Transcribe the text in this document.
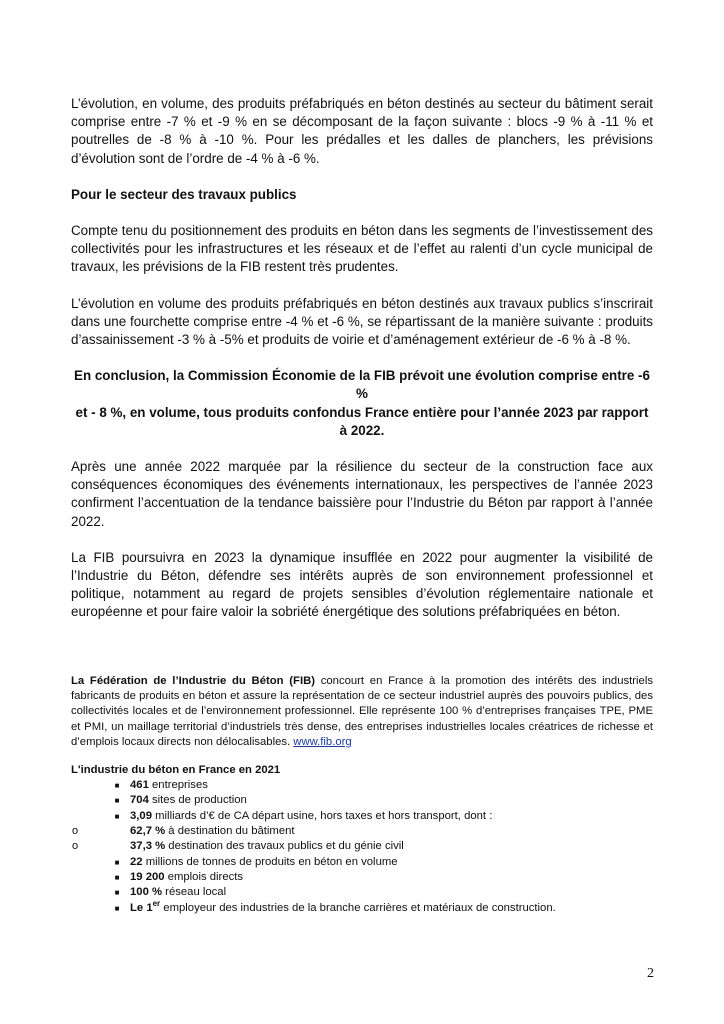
L’évolution, en volume, des produits préfabriqués en béton destinés au secteur du bâtiment serait comprise entre -7 % et -9 % en se décomposant de la façon suivante : blocs -9 % à -11 % et poutrelles de -8 % à -10 %. Pour les prédalles et les dalles de planchers, les prévisions d’évolution sont de l’ordre de -4 % à -6 %.

Pour le secteur des travaux publics

Compte tenu du positionnement des produits en béton dans les segments de l’investissement des collectivités pour les infrastructures et les réseaux et de l’effet au ralenti d’un cycle municipal de travaux, les prévisions de la FIB restent très prudentes.

L’évolution en volume des produits préfabriqués en béton destinés aux travaux publics s’inscrirait dans une fourchette comprise entre -4 % et -6 %, se répartissant de la manière suivante : produits d’assainissement -3 % à -5% et produits de voirie et d’aménagement extérieur de -6 % à -8 %.

En conclusion, la Commission Économie de la FIB prévoit une évolution comprise entre -6 %
et - 8 %, en volume, tous produits confondus France entière pour l’année 2023 par rapport à 2022.

Après une année 2022 marquée par la résilience du secteur de la construction face aux conséquences économiques des événements internationaux, les perspectives de l’année 2023 confirment l’accentuation de la tendance baissière pour l’Industrie du Béton par rapport à l’année 2022.

La FIB poursuivra en 2023 la dynamique insufflée en 2022 pour augmenter la visibilité de l’Industrie du Béton, défendre ses intérêts auprès de son environnement professionnel et politique, notamment au regard de projets sensibles d’évolution réglementaire nationale et européenne et pour faire valoir la sobriété énergétique des solutions préfabriquées en béton.

La Fédération de l’Industrie du Béton (FIB) concourt en France à la promotion des intérêts des industriels fabricants de produits en béton et assure la représentation de ce secteur industriel auprès des pouvoirs publics, des collectivités locales et de l’environnement professionnel. Elle représente 100 % d’entreprises françaises TPE, PME et PMI, un maillage territorial d’industriels très dense, des entreprises industrielles locales créatrices de richesse et d’emplois locaux directs non délocalisables. www.fib.org

L'industrie du béton en France en 2021

■
461 entreprises
■
704 sites de production
■
3,09 milliards d’€ de CA départ usine, hors taxes et hors transport, dont :
o
62,7 % à destination du bâtiment
o
37,3 % destination des travaux publics et du génie civil
■
22 millions de tonnes de produits en béton en volume
■
19 200 emplois directs
■
100 % réseau local
■
Le 1er employeur des industries de la branche carrières et matériaux de construction.
2
